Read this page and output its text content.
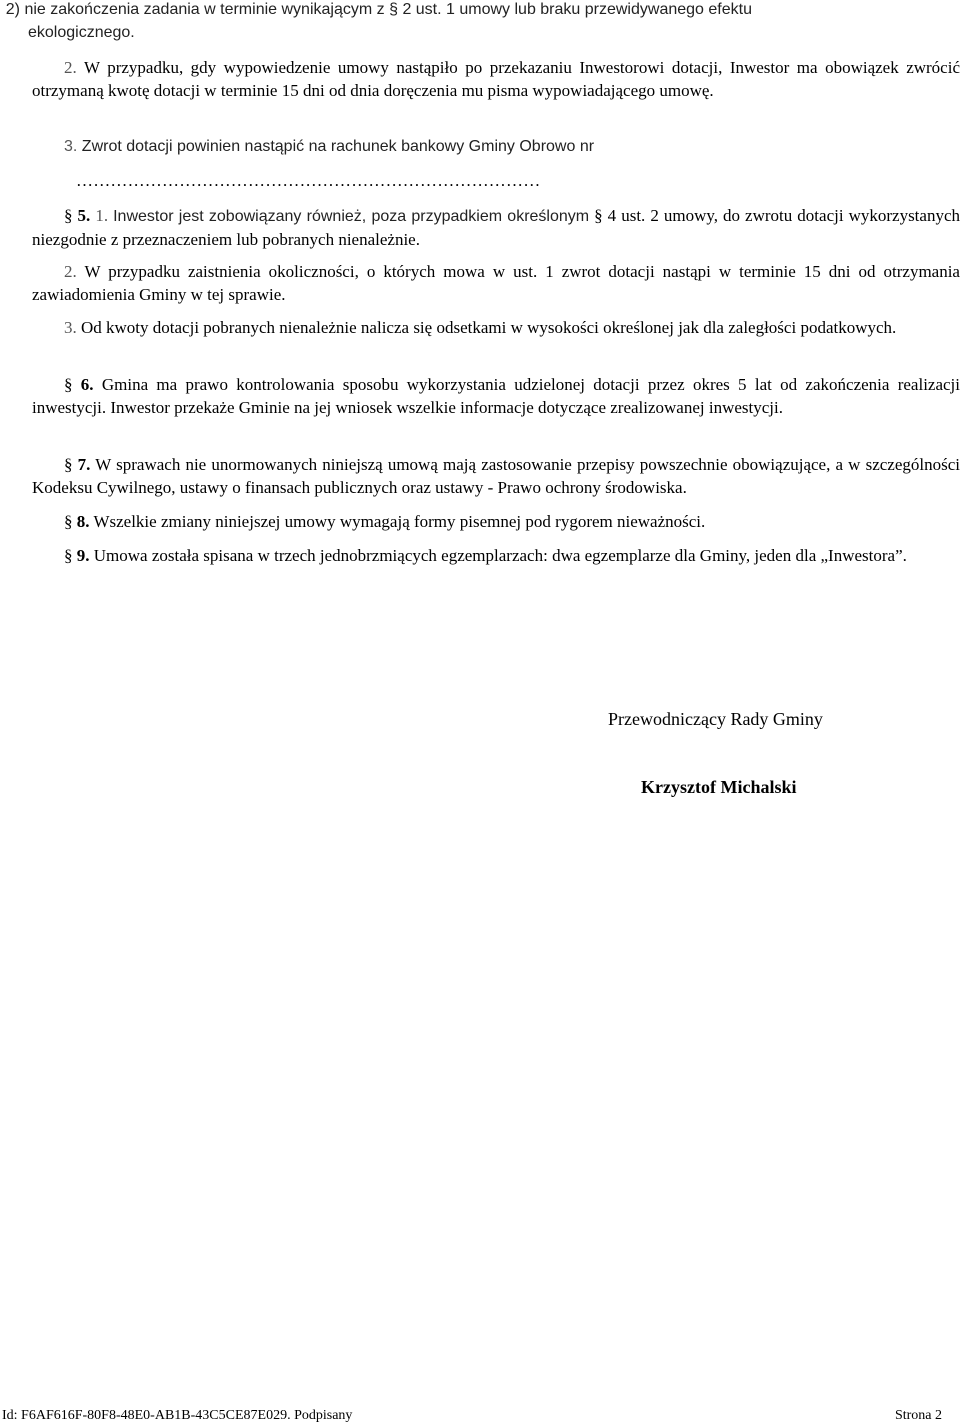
2) nie zakończenia zadania w terminie wynikającym z § 2 ust. 1 umowy lub braku przewidywanego efektu
ekologicznego.
2. W przypadku, gdy wypowiedzenie umowy nastąpiło po przekazaniu Inwestorowi dotacji, Inwestor ma obowiązek zwrócić otrzymaną kwotę dotacji w terminie 15 dni od dnia doręczenia mu pisma wypowiadającego umowę.
3. Zwrot dotacji powinien nastąpić na rachunek bankowy Gminy Obrowo nr
………………………………………………………………………
§ 5. 1. Inwestor jest zobowiązany również, poza przypadkiem określonym § 4 ust. 2 umowy, do zwrotu dotacji wykorzystanych niezgodnie z przeznaczeniem lub pobranych nienależnie.
2. W przypadku zaistnienia okoliczności, o których mowa w ust. 1 zwrot dotacji nastąpi w terminie 15 dni od otrzymania zawiadomienia Gminy w tej sprawie.
3. Od kwoty dotacji pobranych nienależnie nalicza się odsetkami w wysokości określonej jak dla zaległości podatkowych.
§ 6. Gmina ma prawo kontrolowania sposobu wykorzystania udzielonej dotacji przez okres 5 lat od zakończenia realizacji inwestycji. Inwestor przekaże Gminie na jej wniosek wszelkie informacje dotyczące zrealizowanej inwestycji.
§ 7. W sprawach nie unormowanych niniejszą umową mają zastosowanie przepisy powszechnie obowiązujące, a w szczególności Kodeksu Cywilnego, ustawy o finansach publicznych oraz ustawy - Prawo ochrony środowiska.
§ 8. Wszelkie zmiany niniejszej umowy wymagają formy pisemnej pod rygorem nieważności.
§ 9. Umowa została spisana w trzech jednobrzmiących egzemplarzach: dwa egzemplarze dla Gminy, jeden dla „Inwestora”.
Przewodniczący Rady Gminy
Krzysztof Michalski
Id: F6AF616F-80F8-48E0-AB1B-43C5CE87E029. Podpisany	Strona 2
